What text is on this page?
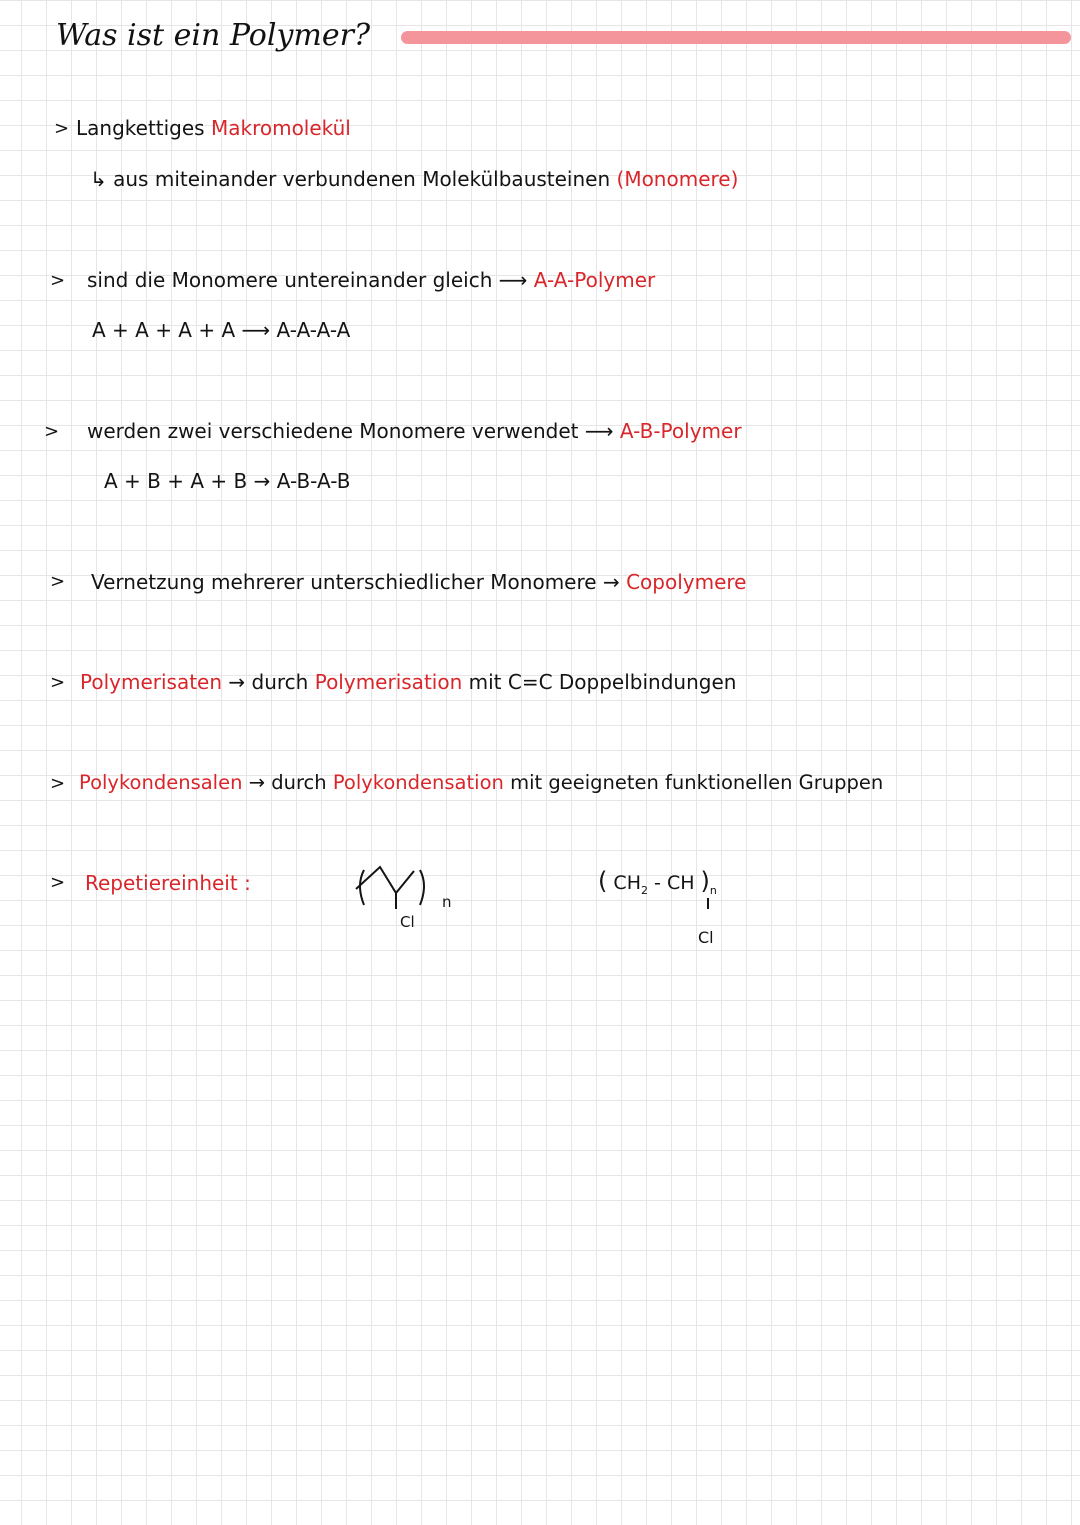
Was ist ein Polymer?
> Langkettiges Makromolekül
↳ aus miteinander verbundenen Molekülbausteinen (Monomere)
> sind die Monomere untereinander gleich ⟶ A-A-Polymer
A + A + A + A ⟶ A-A-A-A
> werden zwei verschiedene Monomere verwendet ⟶ A-B-Polymer
A + B + A + B → A-B-A-B
> Vernetzung mehrerer unterschiedlicher Monomere → Copolymere
> Polymerisaten → durch Polymerisation mit C=C Doppelbindungen
> Polykondensalen → durch Polykondensation mit geeigneten funktionellen Gruppen
> Repetiereinheit :
n
Cl
( $CH_2$ - CH )$_n$
Cl
